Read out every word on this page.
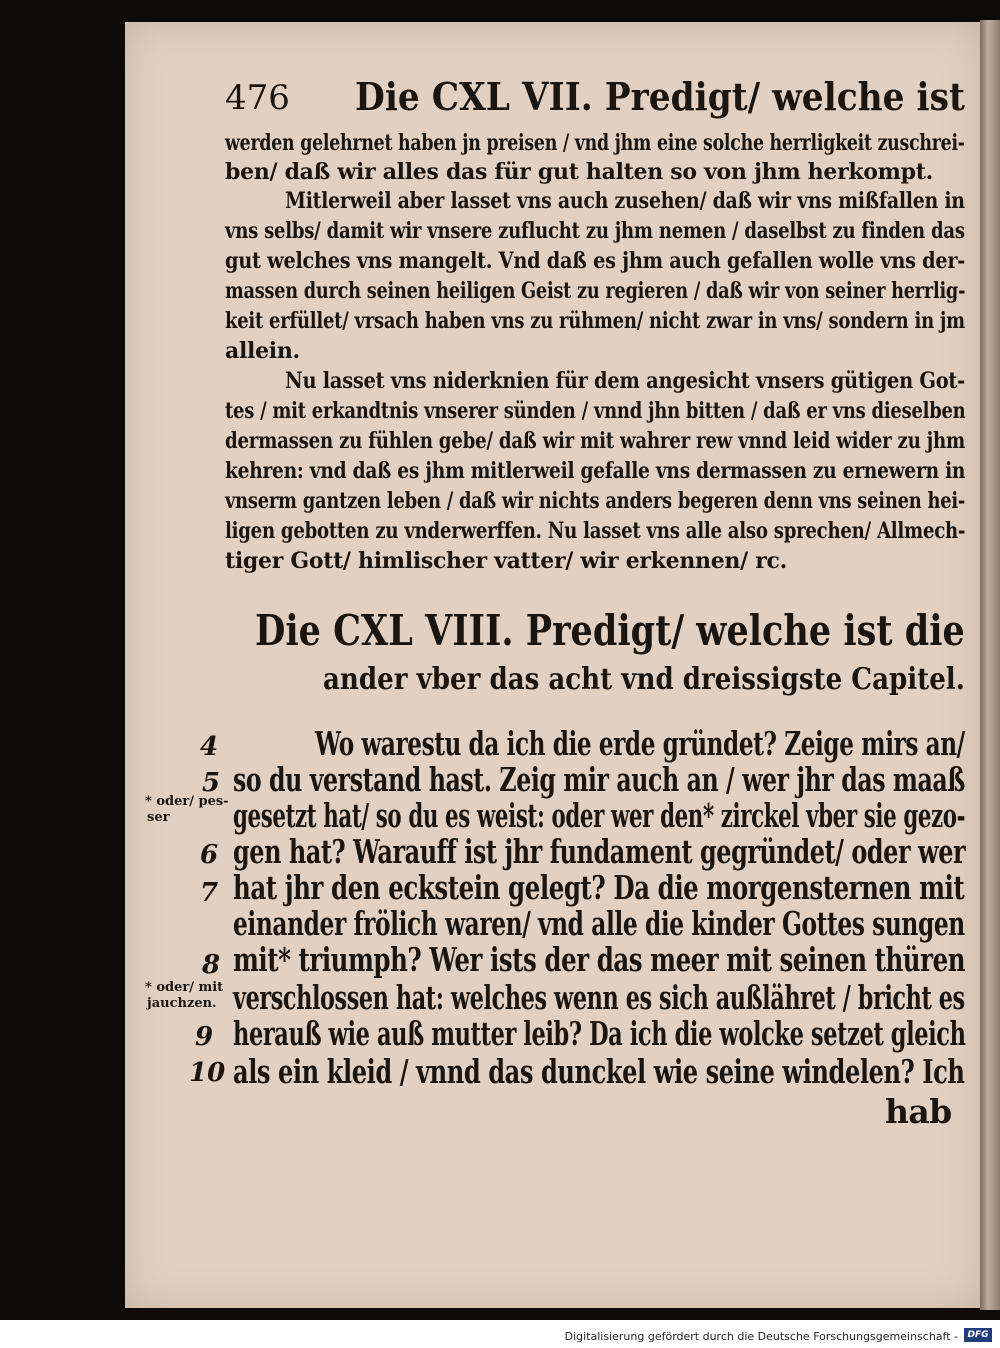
476 Die CXL VII. Predigt/ welche ist
werden gelehrnet haben jn preisen / vnd jhm eine solche herrligkeit zuschrei-
ben/ daß wir alles das für gut halten so von jhm herkompt.
Mitlerweil aber lasset vns auch zusehen/ daß wir vns mißfallen in
vns selbs/ damit wir vnsere zuflucht zu jhm nemen / daselbst zu finden das
gut welches vns mangelt. Vnd daß es jhm auch gefallen wolle vns der-
massen durch seinen heiligen Geist zu regieren / daß wir von seiner herrlig-
keit erfüllet/ vrsach haben vns zu rühmen/ nicht zwar in vns/ sondern in jm
allein.
Nu lasset vns niderknien für dem angesicht vnsers gütigen Got-
tes / mit erkandtnis vnserer sünden / vnnd jhn bitten / daß er vns dieselben
dermassen zu fühlen gebe/ daß wir mit wahrer rew vnnd leid wider zu jhm
kehren: vnd daß es jhm mitlerweil gefalle vns dermassen zu ernewern in
vnserm gantzen leben / daß wir nichts anders begeren denn vns seinen hei-
ligen gebotten zu vnderwerffen. Nu lasset vns alle also sprechen/ Allmech-
tiger Gott/ himlischer vatter/ wir erkennen/ rc.
Die CXL VIII. Predigt/ welche ist die
ander vber das acht vnd dreissigste Capitel.
4
5
6
7
8
9
10
* oder/ pes-
ser
* oder/ mit
jauchzen.
Wo warestu da ich die erde gründet? Zeige mirs an/
so du verstand hast. Zeig mir auch an / wer jhr das maaß
gesetzt hat/ so du es weist: oder wer den* zirckel vber sie gezo-
gen hat? Warauff ist jhr fundament gegründet/ oder wer
hat jhr den eckstein gelegt? Da die morgensternen mit
einander frölich waren/ vnd alle die kinder Gottes sungen
mit* triumph? Wer ists der das meer mit seinen thüren
verschlossen hat: welches wenn es sich außlähret / bricht es
herauß wie auß mutter leib? Da ich die wolcke setzet gleich
als ein kleid / vnnd das dunckel wie seine windelen? Ich
hab
Digitalisierung gefördert durch die Deutsche Forschungsgemeinschaft -	DFG
